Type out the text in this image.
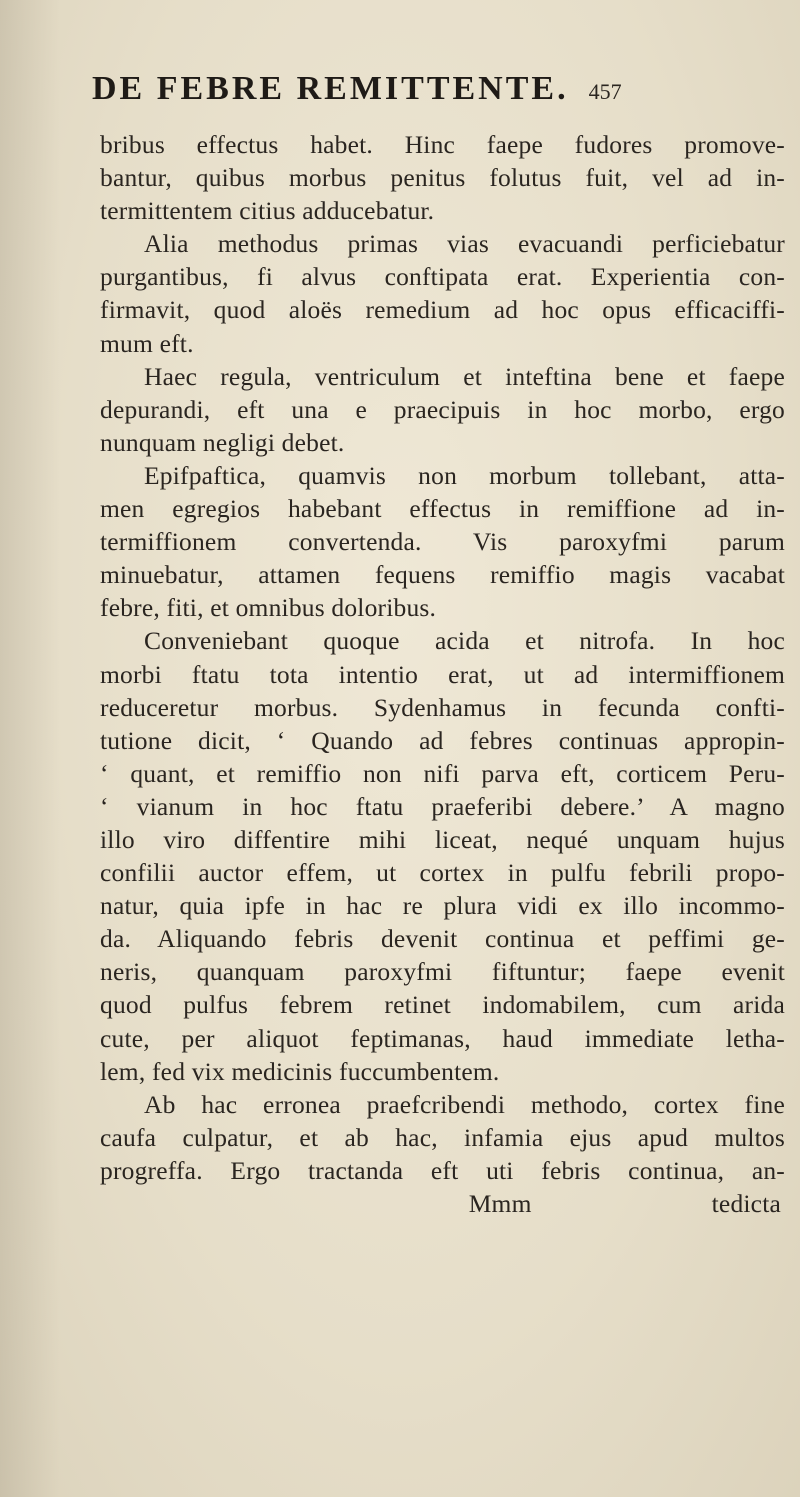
DE FEBRE REMITTENTE. 457
bribus effectus habet. Hinc faepe fudores promove-
bantur, quibus morbus penitus folutus fuit, vel ad in-
termittentem citius adducebatur.
Alia methodus primas vias evacuandi perficiebatur
purgantibus, fi alvus conftipata erat. Experientia con-
firmavit, quod aloës remedium ad hoc opus efficaciffi-
mum eft.
Haec regula, ventriculum et inteftina bene et faepe
depurandi, eft una e praecipuis in hoc morbo, ergo
nunquam negligi debet.
Epifpaftica, quamvis non morbum tollebant, atta-
men egregios habebant effectus in remiffione ad in-
termiffionem convertenda. Vis paroxyfmi parum
minuebatur, attamen fequens remiffio magis vacabat
febre, fiti, et omnibus doloribus.
Conveniebant quoque acida et nitrofa. In hoc
morbi ftatu tota intentio erat, ut ad intermiffionem
reduceretur morbus. Sydenhamus in fecunda confti-
tutione dicit, ‘ Quando ad febres continuas appropin-
‘ quant, et remiffio non nifi parva eft, corticem Peru-
‘ vianum in hoc ftatu praeferibi debere.’ A magno
illo viro diffentire mihi liceat, nequé unquam hujus
confilii auctor effem, ut cortex in pulfu febrili propo-
natur, quia ipfe in hac re plura vidi ex illo incommo-
da. Aliquando febris devenit continua et peffimi ge-
neris, quanquam paroxyfmi fiftuntur; faepe evenit
quod pulfus febrem retinet indomabilem, cum arida
cute, per aliquot feptimanas, haud immediate letha-
lem, fed vix medicinis fuccumbentem.
Ab hac erronea praefcribendi methodo, cortex fine
caufa culpatur, et ab hac, infamia ejus apud multos
progreffa. Ergo tractanda eft uti febris continua, an-
Mmm	tedicta
